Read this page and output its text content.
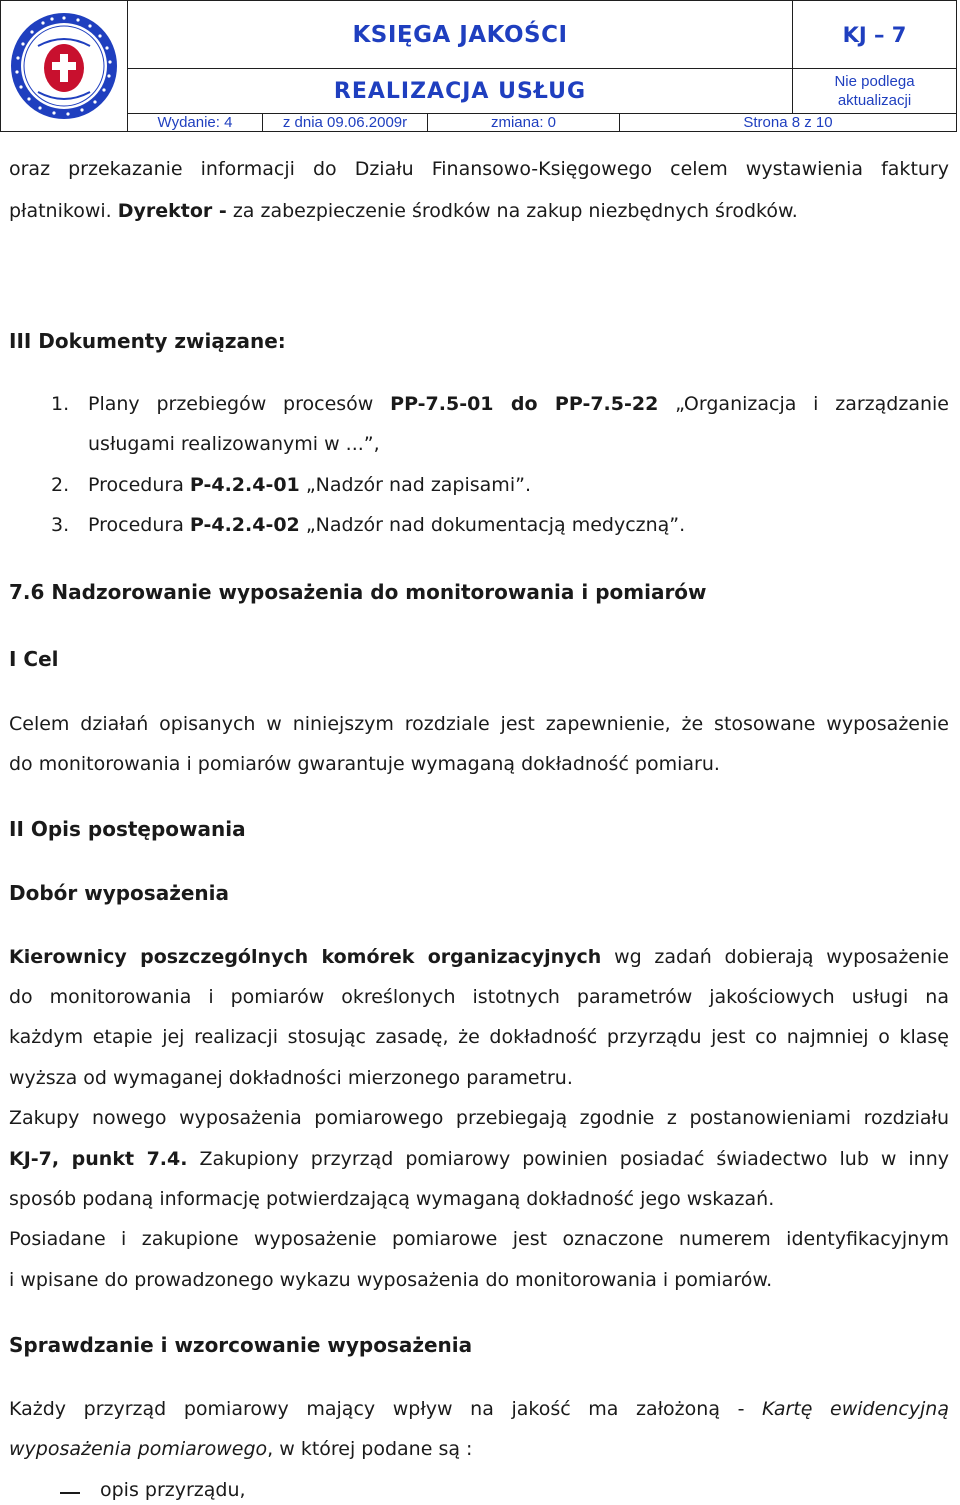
KSIĘGA JAKOŚCI	KJ – 7
REALIZACJA USŁUG	Nie podlega
aktualizacji
Wydanie: 4	z dnia 09.06.2009r	zmiana: 0	Strona 8 z 10

oraz przekazanie informacji do Działu Finansowo-Księgowego celem wystawienia faktury

płatnikowi. Dyrektor - za zabezpieczenie środków na zakup niezbędnych środków.

III Dokumenty związane:

1. Plany przebiegów procesów PP-7.5-01 do PP-7.5-22 „Organizacja i zarządzanie

usługami realizowanymi w ...”,

2. Procedura P-4.2.4-01 „Nadzór nad zapisami”.

3. Procedura P-4.2.4-02 „Nadzór nad dokumentacją medyczną”.

7.6 Nadzorowanie wyposażenia do monitorowania i pomiarów

I Cel

Celem działań opisanych w niniejszym rozdziale jest zapewnienie, że stosowane wyposażenie

do monitorowania i pomiarów gwarantuje wymaganą dokładność pomiaru.

II Opis postępowania

Dobór wyposażenia

Kierownicy poszczególnych komórek organizacyjnych wg zadań dobierają wyposażenie

do monitorowania i pomiarów określonych istotnych parametrów jakościowych usługi na

każdym etapie jej realizacji stosując zasadę, że dokładność przyrządu jest co najmniej o klasę

wyższa od wymaganej dokładności mierzonego parametru.

Zakupy nowego wyposażenia pomiarowego przebiegają zgodnie z postanowieniami rozdziału

KJ-7, punkt 7.4. Zakupiony przyrząd pomiarowy powinien posiadać świadectwo lub w inny

sposób podaną informację potwierdzającą wymaganą dokładność jego wskazań.

Posiadane i zakupione wyposażenie pomiarowe jest oznaczone numerem identyfikacyjnym

i wpisane do prowadzonego wykazu wyposażenia do monitorowania i pomiarów.

Sprawdzanie i wzorcowanie wyposażenia

Każdy przyrząd pomiarowy mający wpływ na jakość ma założoną - Kartę ewidencyjną

wyposażenia pomiarowego, w której podane są :

opis przyrządu,
